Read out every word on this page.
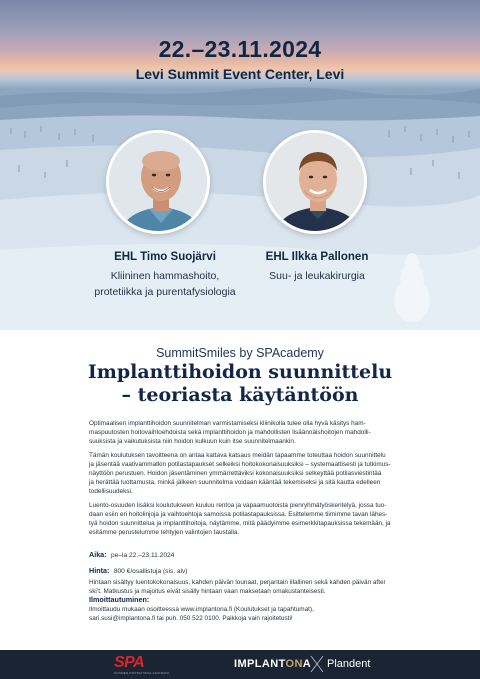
22.–23.11.2024
Levi Summit Event Center, Levi
EHL Timo Suojärvi
Kliininen hammashoito,
protetiikka ja purentafysiologia
EHL Ilkka Pallonen
Suu- ja leukakirurgia
SummitSmiles by SPAcademy
Implanttihoidon suunnittelu
– teoriasta käytäntöön

Optimaalisen implanttihoidon suunnitelman varmistamiseksi kliinikolla tulee olla hyvä käsitys ham-

maspuutosten hoitovaihtoehdoista sekä implanttihoidon ja mahdollisten lisäännäishoitojen mahdolli-

suuksista ja vaikutuksista niin hoidon kulkuun kuin itse suunnitelmaankin.

Tämän koulutuksen tavoitteena on antaa kattava katsaus meidän tapaamme toteuttaa hoidon suunnittelu

ja jäsentää vaativammatkin potilastapaukset selkeiksi hoitokokonaisuuksiksi – systemaattisesti ja tutkimus-

näyttöön perustuen. Hoidon jäsentäminen ymmärrettäviksi kokonaisuuksiksi selkeyttää potilasviestintää

ja herättää luottamusta, minkä jälkeen suunnitelma voidaan kääntää tekemiseksi ja sitä kautta edelleen

todellisuudeksi.

Luento-osuuden lisäksi koulutukseen kuuluu rentoa ja vapaamuotoista pienryhmätyöskentelyä, jossa tuo-

daan esiin eri hoitolinjoja ja vaihtoehtoja samoissa potilastapauksissa. Esittelemme tiimimme tavan lähes-

tyä hoidon suunnittelua ja implanttihoitoja, näytämme, mitä päädyimme esimerkkitapauksissa tekemään, ja

esitämme perustelumme tehtyjen valintojen taustalla.

Aika: pe–la 22.–23.11.2024
Hinta: 800 €/osallistuja (sis. alv)

Hintaan sisältyy luentokokonaisuus, kahden päivän lounaat, perjantain illallinen sekä kahden päivän after

ski’t. Matkustus ja majoitus eivät sisälly hintaan vaan maksetaan omakustanteisesti.

Ilmoittautuminen:

Ilmoittaudu mukaan osoitteessa www.implantona.fi (Koulutukset ja tapahtumat),

sari.susi@implantona.fi tai puh. 050 522 0100. Paikkoja vain rajoitetusti!

SPA
SUOMEN PROTETIIKKA-AKATEMIA
IMPLANTONA Plandent
